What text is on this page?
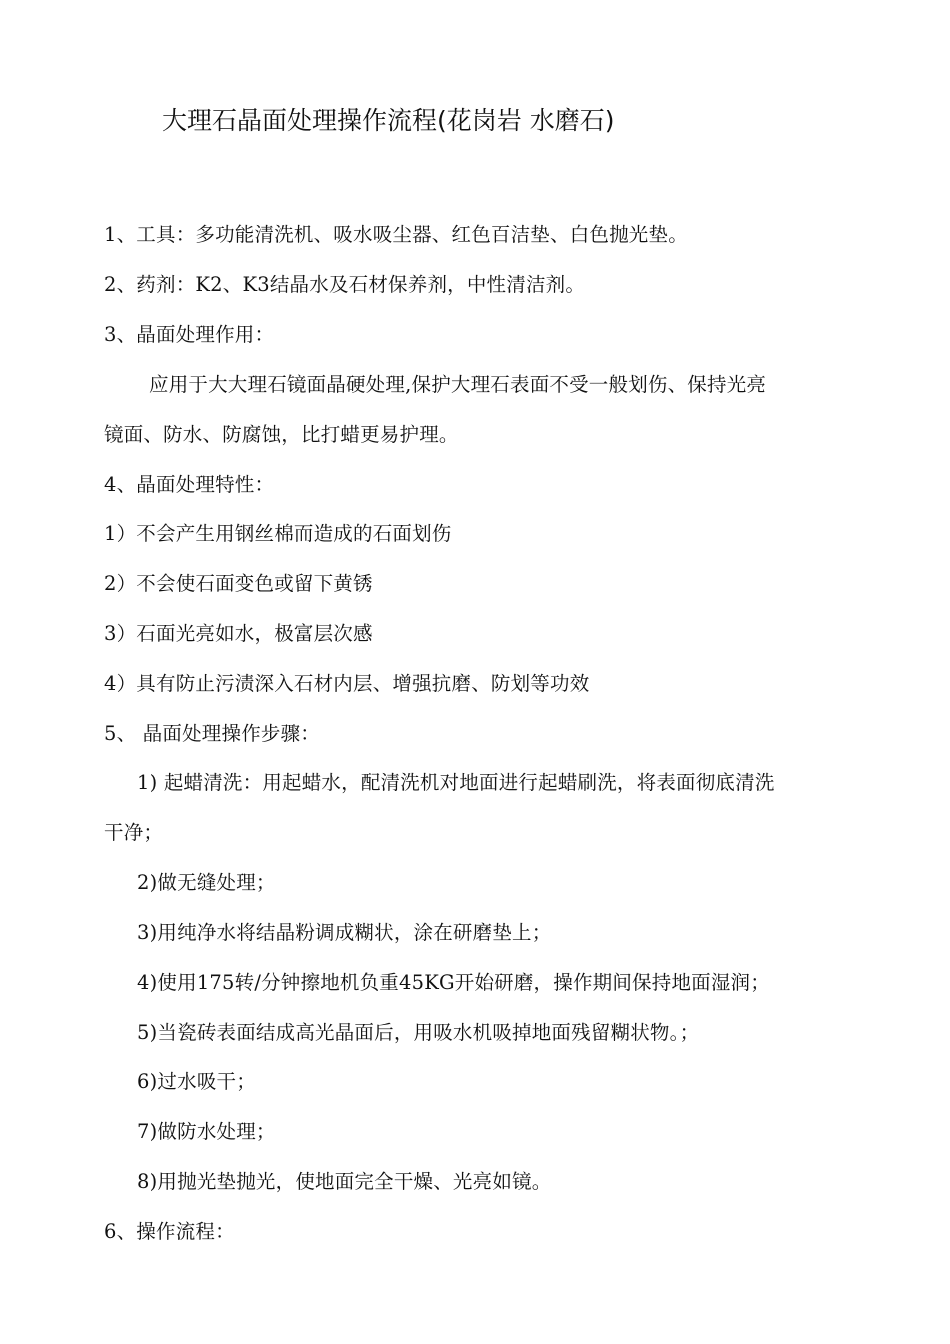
大理石晶面处理操作流程(花岗岩 水磨石)
1、工具：多功能清洗机、吸水吸尘器、红色百洁垫、白色抛光垫。
2、药剂：K2、K3结晶水及石材保养剂，中性清洁剂。
3、晶面处理作用：
应用于大大理石镜面晶硬处理,保护大理石表面不受一般划伤、保持光亮
镜面、防水、防腐蚀，比打蜡更易护理。
4、晶面处理特性：
1）不会产生用钢丝棉而造成的石面划伤
2）不会使石面变色或留下黄锈
3）石面光亮如水，极富层次感
4）具有防止污渍深入石材内层、增强抗磨、防划等功效
5、 晶面处理操作步骤：
1) 起蜡清洗：用起蜡水，配清洗机对地面进行起蜡刷洗，将表面彻底清洗
干净；
2)做无缝处理；
3)用纯净水将结晶粉调成糊状，涂在研磨垫上；
4)使用175转/分钟擦地机负重45KG开始研磨，操作期间保持地面湿润；
5)当瓷砖表面结成高光晶面后，用吸水机吸掉地面残留糊状物。；
6)过水吸干；
7)做防水处理；
8)用抛光垫抛光，使地面完全干燥、光亮如镜。
6、操作流程：
